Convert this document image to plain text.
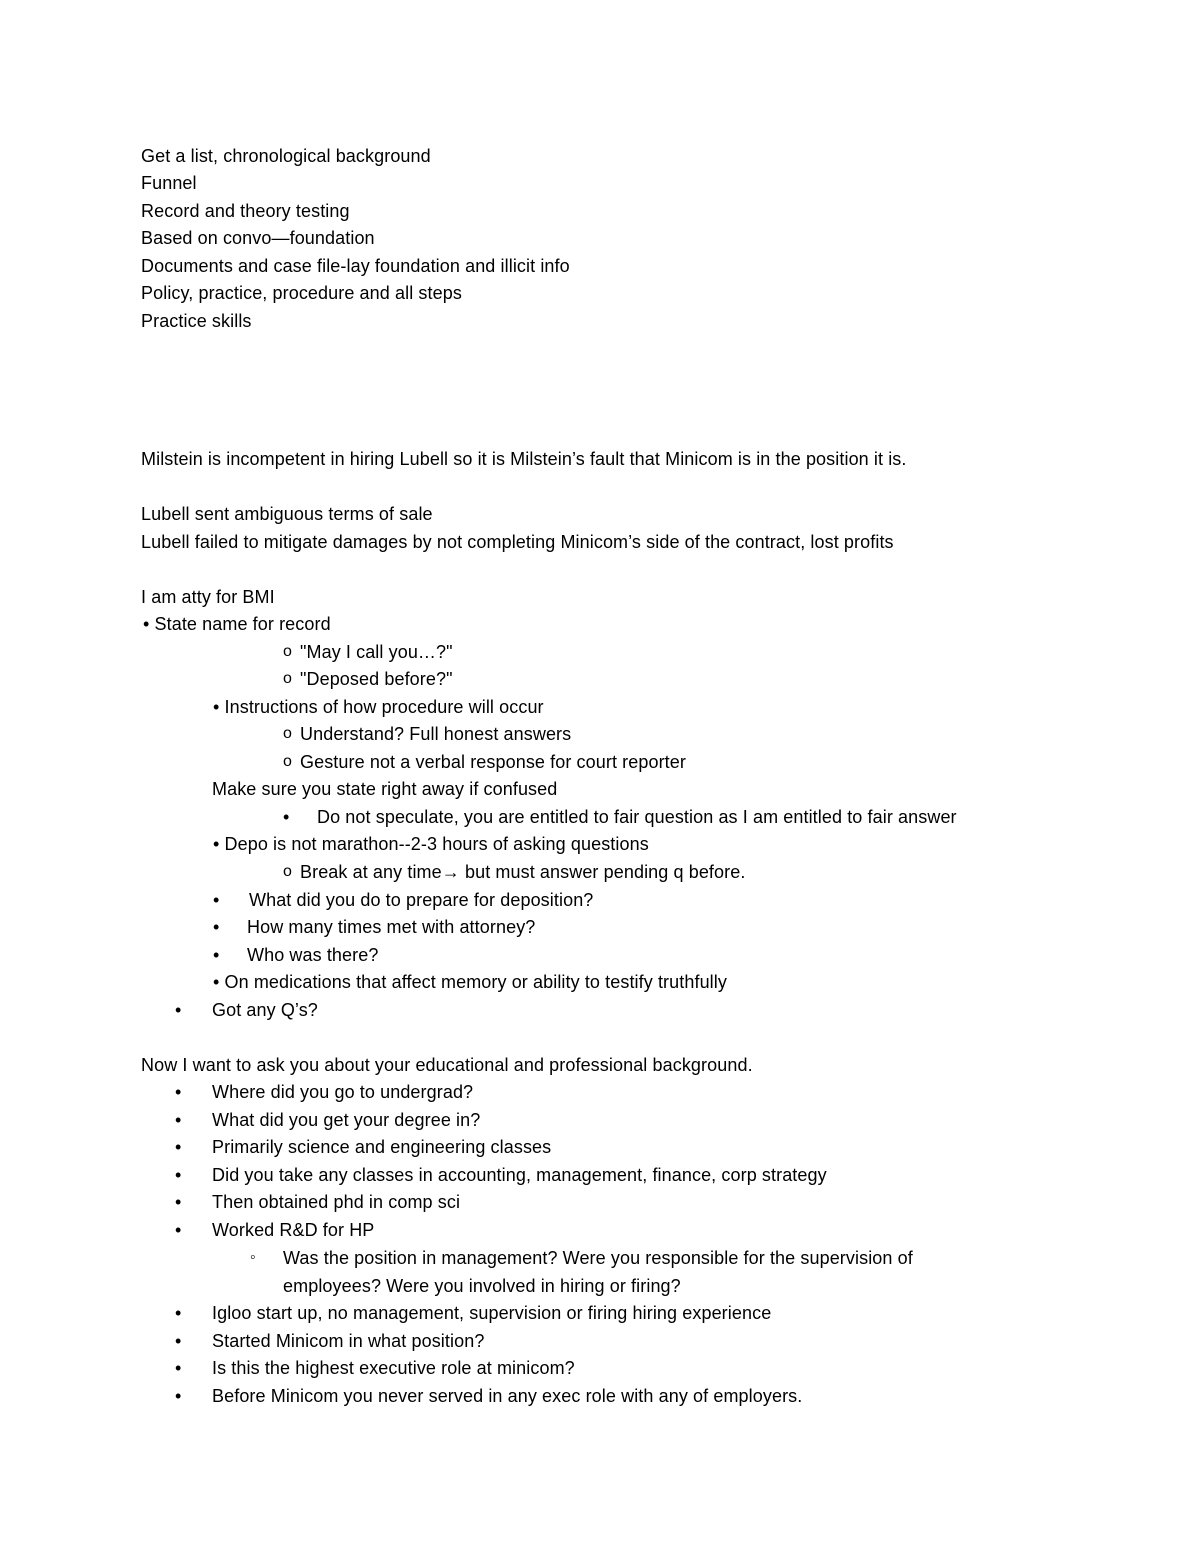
Get a list, chronological background
Funnel
Record and theory testing
Based on convo—foundation
Documents and case file-lay foundation and illicit info
Policy, practice, procedure and all steps
Practice skills
Milstein is incompetent in hiring Lubell so it is Milstein’s fault that Minicom is in the position it is.
Lubell sent ambiguous terms of sale
Lubell failed to mitigate damages by not completing Minicom’s side of the contract, lost profits
I am atty for BMI
• State name for record
o "May I call you…?"
o "Deposed before?"
• Instructions of how procedure will occur
o Understand? Full honest answers
o Gesture not a verbal response for court reporter
Make sure you state right away if confused
• Do not speculate, you are entitled to fair question as I am entitled to fair answer
• Depo is not marathon--2-3 hours of asking questions
o Break at any time→ but must answer pending q before.
• What did you do to prepare for deposition?
• How many times met with attorney?
• Who was there?
• On medications that affect memory or ability to testify truthfully
• Got any Q’s?
Now I want to ask you about your educational and professional background.
• Where did you go to undergrad?
• What did you get your degree in?
• Primarily science and engineering classes
• Did you take any classes in accounting, management, finance, corp strategy
• Then obtained phd in comp sci
• Worked R&D for HP
◦ Was the position in management? Were you responsible for the supervision of
employees? Were you involved in hiring or firing?
• Igloo start up, no management, supervision or firing hiring experience
• Started Minicom in what position?
• Is this the highest executive role at minicom?
• Before Minicom you never served in any exec role with any of employers.
